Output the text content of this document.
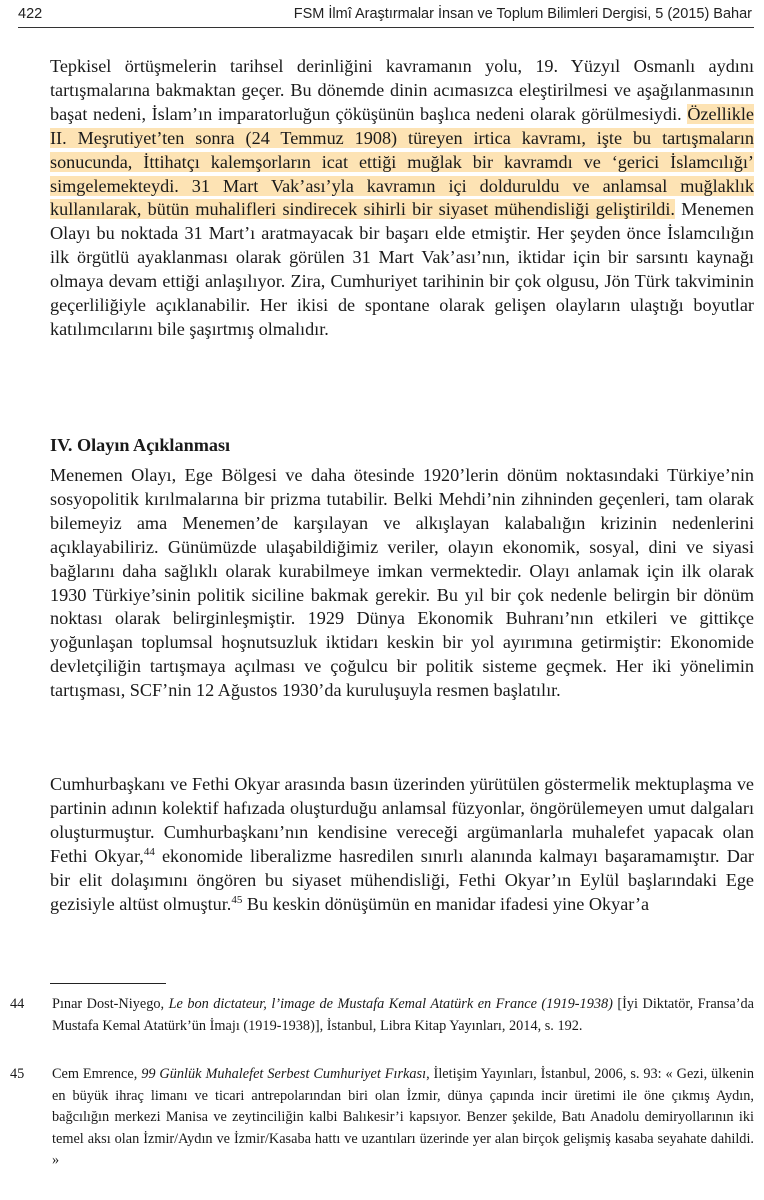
422	FSM İlmî Araştırmalar İnsan ve Toplum Bilimleri Dergisi, 5 (2015) Bahar

Tepkisel örtüşmelerin tarihsel derinliğini kavramanın yolu, 19. Yüzyıl Osmanlı aydını tartışmalarına bakmaktan geçer. Bu dönemde dinin acımasızca eleştirilmesi ve aşağılanmasının başat nedeni, İslam’ın imparatorluğun çöküşünün başlıca nedeni olarak görülmesiydi. Özellikle II. Meşrutiyet’ten sonra (24 Temmuz 1908) türeyen irtica kavramı, işte bu tartışmaların sonucunda, İttihatçı kalemşorların icat ettiği muğlak bir kavramdı ve ‘gerici İslamcılığı’ simgelemekteydi. 31 Mart Vak’ası’yla kavramın içi dolduruldu ve anlamsal muğlaklık kullanılarak, bütün muhalifleri sindirecek sihirli bir siyaset mühendisliği geliştirildi. Menemen Olayı bu noktada 31 Mart’ı aratmayacak bir başarı elde etmiştir. Her şeyden önce İslamcılığın ilk örgütlü ayaklanması olarak görülen 31 Mart Vak’ası’nın, iktidar için bir sarsıntı kaynağı olmaya devam ettiği anlaşılıyor. Zira, Cumhuriyet tarihinin bir çok olgusu, Jön Türk takviminin geçerliliğiyle açıklanabilir. Her ikisi de spontane olarak gelişen olayların ulaştığı boyutlar katılımcılarını bile şaşırtmış olmalıdır.

IV. Olayın Açıklanması

Menemen Olayı, Ege Bölgesi ve daha ötesinde 1920’lerin dönüm noktasındaki Türkiye’nin sosyopolitik kırılmalarına bir prizma tutabilir. Belki Mehdi’nin zihninden geçenleri, tam olarak bilemeyiz ama Menemen’de karşılayan ve alkışlayan kalabalığın krizinin nedenlerini açıklayabiliriz. Günümüzde ulaşabildiğimiz veriler, olayın ekonomik, sosyal, dini ve siyasi bağlarını daha sağlıklı olarak kurabilmeye imkan vermektedir. Olayı anlamak için ilk olarak 1930 Türkiye’sinin politik siciline bakmak gerekir. Bu yıl bir çok nedenle belirgin bir dönüm noktası olarak belirginleşmiştir. 1929 Dünya Ekonomik Buhranı’nın etkileri ve gittikçe yoğunlaşan toplumsal hoşnutsuzluk iktidarı keskin bir yol ayırımına getirmiştir: Ekonomide devletçiliğin tartışmaya açılması ve çoğulcu bir politik sisteme geçmek. Her iki yönelimin tartışması, SCF’nin 12 Ağustos 1930’da kuruluşuyla resmen başlatılır.

Cumhurbaşkanı ve Fethi Okyar arasında basın üzerinden yürütülen göstermelik mektuplaşma ve partinin adının kolektif hafızada oluşturduğu anlamsal füzyonlar, öngörülemeyen umut dalgaları oluşturmuştur. Cumhurbaşkanı’nın kendisine vereceği argümanlarla muhalefet yapacak olan Fethi Okyar,$^{44}$ ekonomide liberalizme hasredilen sınırlı alanında kalmayı başaramamıştır. Dar bir elit dolaşımını öngören bu siyaset mühendisliği, Fethi Okyar’ın Eylül başlarındaki Ege gezisiyle altüst olmuştur.$^{45}$ Bu keskin dönüşümün en manidar ifadesi yine Okyar’a

44 Pınar Dost-Niyego, Le bon dictateur, l’image de Mustafa Kemal Atatürk en France (1919-1938) [İyi Diktatör, Fransa’da Mustafa Kemal Atatürk’ün İmajı (1919-1938)], İstanbul, Libra Kitap Yayınları, 2014, s. 192.
45 Cem Emrence, 99 Günlük Muhalefet Serbest Cumhuriyet Fırkası, İletişim Yayınları, İstanbul, 2006, s. 93: « Gezi, ülkenin en büyük ihraç limanı ve ticari antrepolarından biri olan İzmir, dünya çapında incir üretimi ile öne çıkmış Aydın, bağcılığın merkezi Manisa ve zeytinciliğin kalbi Balıkesir’i kapsıyor. Benzer şekilde, Batı Anadolu demiryollarının iki temel aksı olan İzmir/Aydın ve İzmir/Kasaba hattı ve uzantıları üzerinde yer alan birçok gelişmiş kasaba seyahate dahildi. »
